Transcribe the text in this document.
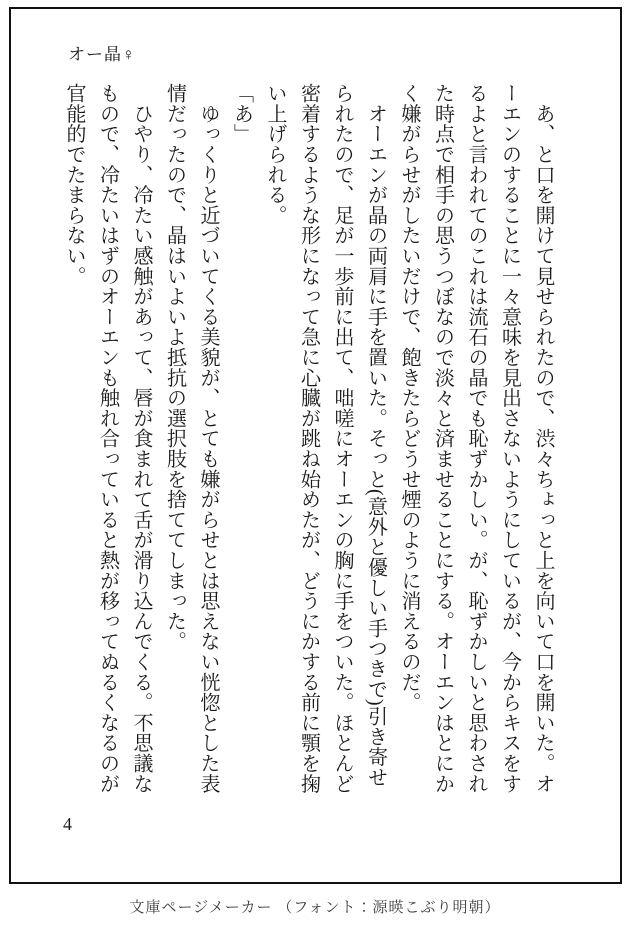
オー晶♀

　あ、と口を開けて見せられたので、渋々ちょっと上を向いて口を開いた。オーエンのすることに一々意味を見出さないようにしているが、今からキスをするよと言われてのこれは流石の晶でも恥ずかしい。が、恥ずかしいと思わされた時点で相手の思うつぼなので淡々と済ませることにする。オーエンはとにかく嫌がらせがしたいだけで、飽きたらどうせ煙のように消えるのだ。

　オーエンが晶の両肩に手を置いた。そっと(意外と優しい手つきで)引き寄せられたので、足が一歩前に出て、咄嗟にオーエンの胸に手をついた。ほとんど密着するような形になって急に心臓が跳ね始めたが、どうにかする前に顎を掬い上げられる。

「あ」

　ゆっくりと近づいてくる美貌が、とても嫌がらせとは思えない恍惚とした表情だったので、晶はいよいよ抵抗の選択肢を捨ててしまった。

　ひやり、冷たい感触があって、唇が食まれて舌が滑り込んでくる。不思議なもので、冷たいはずのオーエンも触れ合っていると熱が移ってぬるくなるのが官能的でたまらない。

4
文庫ページメーカー （フォント：源暎こぶり明朝）
